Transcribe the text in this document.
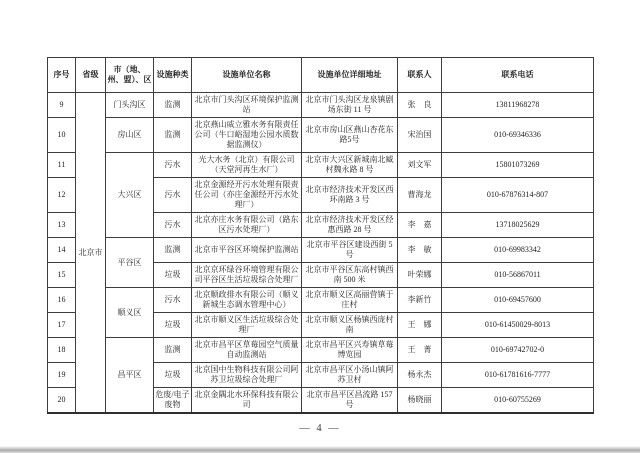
序号	省级	市（地、州、盟）、区	设施种类	设施单位名称	设施单位详细地址	联系人	联系电话
9	北京市	门头沟区	监测	北京市门头沟区环境保护监测站	北京市门头沟区龙泉镇剧场东街 11 号	张　良	13811968278
10		房山区	监测	北京燕山威立雅水务有限责任公司（牛口峪湿地公园水质数据监测仪）	北京市房山区燕山杏花东路5号	宋治国	010-69346336
11		大兴区	污水	光大水务（北京）有限公司（天堂河再生水厂）	北京市大兴区新城南北臧村魏永路 8 号	刘文军	15801073269
12			污水	北京金源经开污水处理有限责任公司（亦庄金源经开污水处理厂）	北京市经济技术开发区西环南路 3 号	曹海龙	010-67876314-807
13			污水	北京亦庄水务有限公司（路东区污水处理厂）	北京市经济技术开发区经惠西路 28 号	李　嘉	13718025629
14		平谷区	监测	北京市平谷区环境保护监测站	北京市平谷区建设西街 5 号	李　敏	010-69983342
15			垃圾	北京京环绿谷环境管理有限公司平谷区生活垃圾综合处理厂	北京市平谷区东高村镇西南 500 米	叶荣娜	010-56867011
16		顺义区	污水	北京顺政排水有限公司（顺义新城生态调水管理中心）	北京市顺义区高丽营镇于庄村	李新竹	010-69457600
17			垃圾	北京市顺义区生活垃圾综合处理厂	北京市顺义区杨镇西庞村南	王　娜	010-61450029-8013
18		昌平区	监测	北京市昌平区草莓园空气质量自动监测站	北京市昌平区兴寿镇草莓博览园	王　菁	010-69742702-0
19			垃圾	北京国中生物科技有限公司阿苏卫垃圾综合处理厂	北京市昌平区小汤山镇阿苏卫村	杨永杰	010-61781616-7777
20			危废/电子废物	北京金隅北水环保科技有限公司	北京市昌平区昌流路 157 号	杨晓丽	010-60755269
— 4 —
